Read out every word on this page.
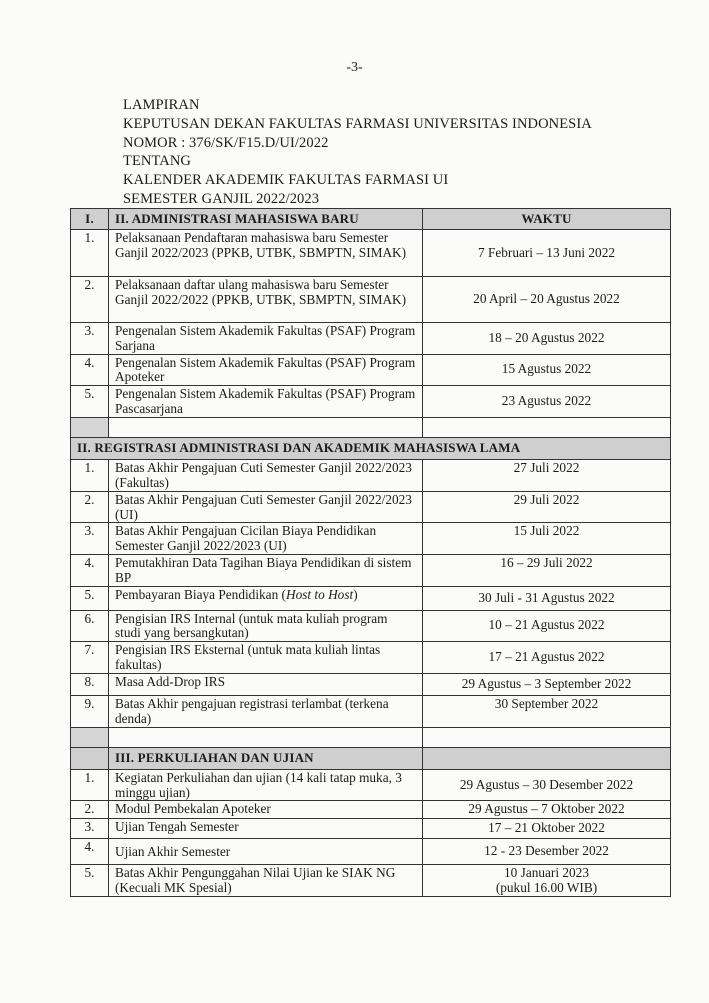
-3-
LAMPIRAN
KEPUTUSAN DEKAN FAKULTAS FARMASI UNIVERSITAS INDONESIA
NOMOR : 376/SK/F15.D/UI/2022
TENTANG
KALENDER AKADEMIK FAKULTAS FARMASI UI
SEMESTER GANJIL 2022/2023
I.	II. ADMINISTRASI MAHASISWA BARU	WAKTU
1.	Pelaksanaan Pendaftaran mahasiswa baru Semester Ganjil 2022/2023 (PPKB, UTBK, SBMPTN, SIMAK)	7 Februari – 13 Juni 2022
2.	Pelaksanaan daftar ulang mahasiswa baru Semester Ganjil 2022/2022 (PPKB, UTBK, SBMPTN, SIMAK)	20 April – 20 Agustus 2022
3.	Pengenalan Sistem Akademik Fakultas (PSAF) Program Sarjana	18 – 20 Agustus 2022
4.	Pengenalan Sistem Akademik Fakultas (PSAF) Program Apoteker	15 Agustus 2022
5.	Pengenalan Sistem Akademik Fakultas (PSAF) Program Pascasarjana	23 Agustus 2022

II. REGISTRASI ADMINISTRASI DAN AKADEMIK MAHASISWA LAMA		
1.	Batas Akhir Pengajuan Cuti Semester Ganjil 2022/2023 (Fakultas)	27 Juli 2022
2.	Batas Akhir Pengajuan Cuti Semester Ganjil 2022/2023 (UI)	29 Juli 2022
3.	Batas Akhir Pengajuan Cicilan Biaya Pendidikan Semester Ganjil 2022/2023 (UI)	15 Juli 2022
4.	Pemutakhiran Data Tagihan Biaya Pendidikan di sistem BP	16 – 29 Juli 2022
5.	Pembayaran Biaya Pendidikan (Host to Host)	30 Juli - 31 Agustus 2022
6.	Pengisian IRS Internal (untuk mata kuliah program studi yang bersangkutan)	10 – 21 Agustus 2022
7.	Pengisian IRS Eksternal (untuk mata kuliah lintas fakultas)	17 – 21 Agustus 2022
8.	Masa Add-Drop IRS	29 Agustus – 3 September 2022
9.	Batas Akhir pengajuan registrasi terlambat (terkena denda)	30 September 2022

	III. PERKULIAHAN DAN UJIAN	
1.	Kegiatan Perkuliahan dan ujian (14 kali tatap muka, 3 minggu ujian)	29 Agustus – 30 Desember 2022
2.	Modul Pembekalan Apoteker	29 Agustus – 7 Oktober 2022
3.	Ujian Tengah Semester	17 – 21 Oktober 2022
4.	Ujian Akhir Semester	12 - 23 Desember 2022
5.	Batas Akhir Pengunggahan Nilai Ujian ke SIAK NG (Kecuali MK Spesial)	10 Januari 2023
(pukul 16.00 WIB)
